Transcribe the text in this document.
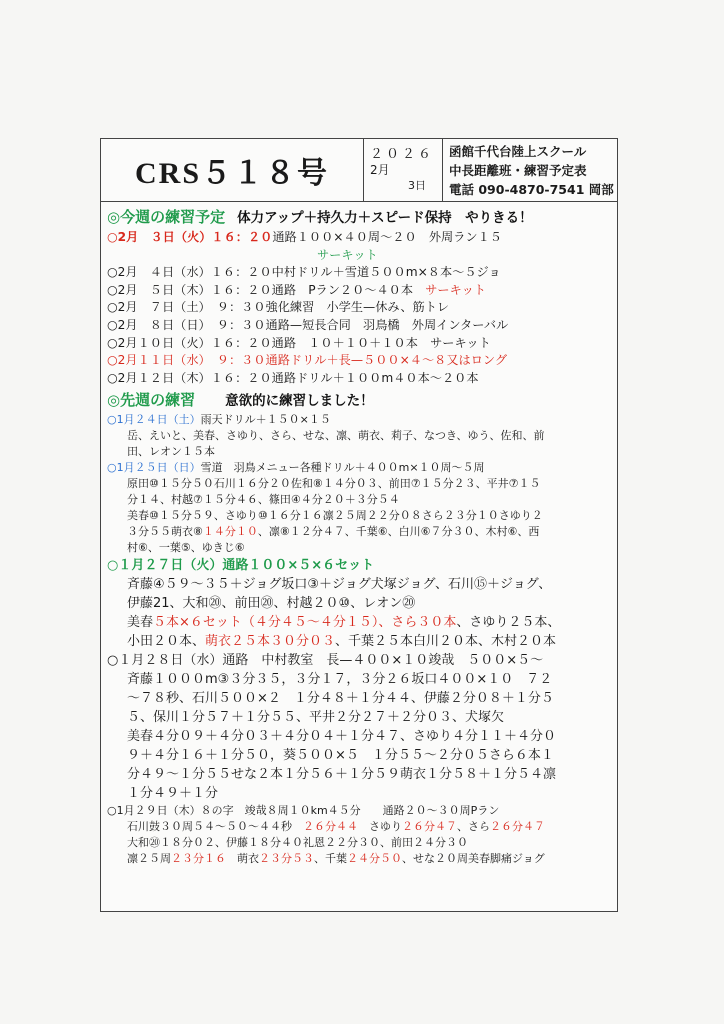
CRS５１８号
２０２６
2月
3日
函館千代台陸上スクール
中長距離班・練習予定表
電話 090-4870-7541 岡部
◎今週の練習予定 体力アップ＋持久力＋スピード保持　やりきる！
○2月　３日（火）１６：２０通路１００×４０周〜２０　外周ラン１５
サーキット
○2月　４日（水）１６：２０中村ドリル＋雪道５００m×８本〜５ジョ
○2月　５日（木）１６：２０通路　Pラン２０〜４０本　 サーキット
○2月　７日（土）　９：３０強化練習　小学生—休み、筋トレ
○2月　８日（日）　９：３０通路—短長合同　羽鳥橋　外周インターバル
○2月１０日（火）１６：２０通路　１０＋１０＋１０本　サーキット
○2月１１日（水）　９：３０通路ドリル＋長—５００×４〜８又はロング
○2月１２日（木）１６：２０通路ドリル＋１００m４０本〜２０本
◎先週の練習 意欲的に練習しました！
○1月２４日（土）雨天ドリル＋１５０×１５
岳、えいと、美春、さゆり、さら、せな、凛、萌衣、莉子、なつき、ゆう、佐和、前
田、レオン１５本
○1月２５日（日）雪道　羽鳥メニュー各種ドリル＋４００m×１０周〜５周
原田⑩１５分５０石川１６分２０佐和⑧１４分０３、前田⑦１５分２３、平井⑦１５
分１４、村越⑦１５分４６、篠田④４分２０＋３分５４
美春⑩１５分５９、さゆり⑩１６分１６凛２５周２２分０８さら２３分１０さゆり２
３分５５萌衣⑧１４分１０、凛⑧１２分４７、千葉⑥、白川⑥７分３０、木村⑥、西
村⑥、一葉⑤、ゆきじ⑥
○１月２７日（火）通路１００×５×６セット
斉藤④５９〜３５＋ジョグ坂口③＋ジョグ犬塚ジョグ、石川⑮＋ジョグ、
伊藤21、大和⑳、前田⑳、村越２０⑩、レオン⑳
美春５本×６セット（４分４５〜４分１５）、さら３０本、さゆり２５本、
小田２０本、萌衣２５本３０分０３、千葉２５本白川２０本、木村２０本
○１月２８日（水）通路　中村教室　長—４００×１０竣哉　５００×５〜
斉藤１０００m③３分３５，３分１７，３分２６坂口４００×１０　７２
〜７８秒、石川５００×２　１分４８＋１分４４、伊藤２分０８＋１分５
５、保川１分５７＋１分５５、平井２分２７＋２分０３、犬塚欠
美春４分０９＋４分０３＋４分０４＋１分４７、さゆり４分１１＋４分０
９＋４分１６＋１分５０，葵５００×５　１分５５〜２分０５さら６本１
分４９〜１分５５せな２本１分５６＋１分５９萌衣１分５８＋１分５４凛
１分４９＋１分
○1月２９日（木）８の字　竣哉８周１０km４５分　　通路２０〜３０周Pラン
石川鼓３０周５４〜５０〜４４秒　２６分４４　さゆり２６分４７、さら２６分４７
大和⑳１８分０２、伊藤１８分４０礼恩２２分３０、前田２４分３０
凛２５周２３分１６　萌衣２３分５３、千葉２４分５０、せな２０周美春脚痛ジョグ
